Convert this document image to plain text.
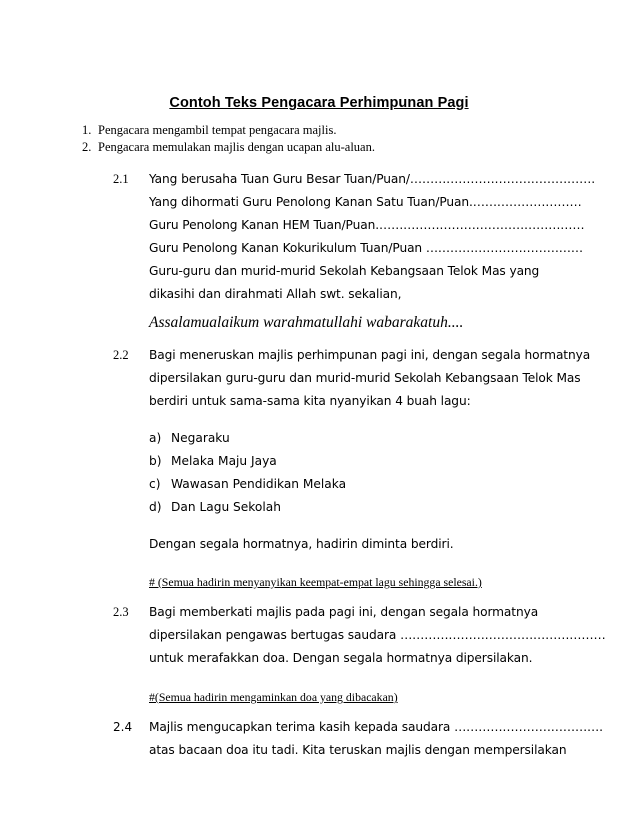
Contoh Teks Pengacara Perhimpunan Pagi
1. Pengacara mengambil tempat pengacara majlis.
2. Pengacara memulakan majlis dengan ucapan alu-aluan.
2.1 Yang berusaha Tuan Guru Besar Tuan/Puan/……………………………………….
Yang dihormati Guru Penolong Kanan Satu Tuan/Puan.………………………
Guru Penolong Kanan HEM Tuan/Puan.……………………………………………
Guru Penolong Kanan Kokurikulum Tuan/Puan …………………………………
Guru-guru dan murid-murid Sekolah Kebangsaan Telok Mas yang
dikasihi dan dirahmati Allah swt. sekalian,
Assalamualaikum warahmatullahi wabarakatuh....
2.2 Bagi meneruskan majlis perhimpunan pagi ini, dengan segala hormatnya
dipersilakan guru-guru dan murid-murid Sekolah Kebangsaan Telok Mas
berdiri untuk sama-sama kita nyanyikan 4 buah lagu:
a) Negaraku
b) Melaka Maju Jaya
c) Wawasan Pendidikan Melaka
d) Dan Lagu Sekolah
Dengan segala hormatnya, hadirin diminta berdiri.
# (Semua hadirin menyanyikan keempat-empat lagu sehingga selesai.)
2.3 Bagi memberkati majlis pada pagi ini, dengan segala hormatnya
dipersilakan pengawas bertugas saudara ……………………………………………
untuk merafakkan doa. Dengan segala hormatnya dipersilakan.
#(Semua hadirin mengaminkan doa yang dibacakan)
2.4 Majlis mengucapkan terima kasih kepada saudara ……………………………….
atas bacaan doa itu tadi. Kita teruskan majlis dengan mempersilakan
